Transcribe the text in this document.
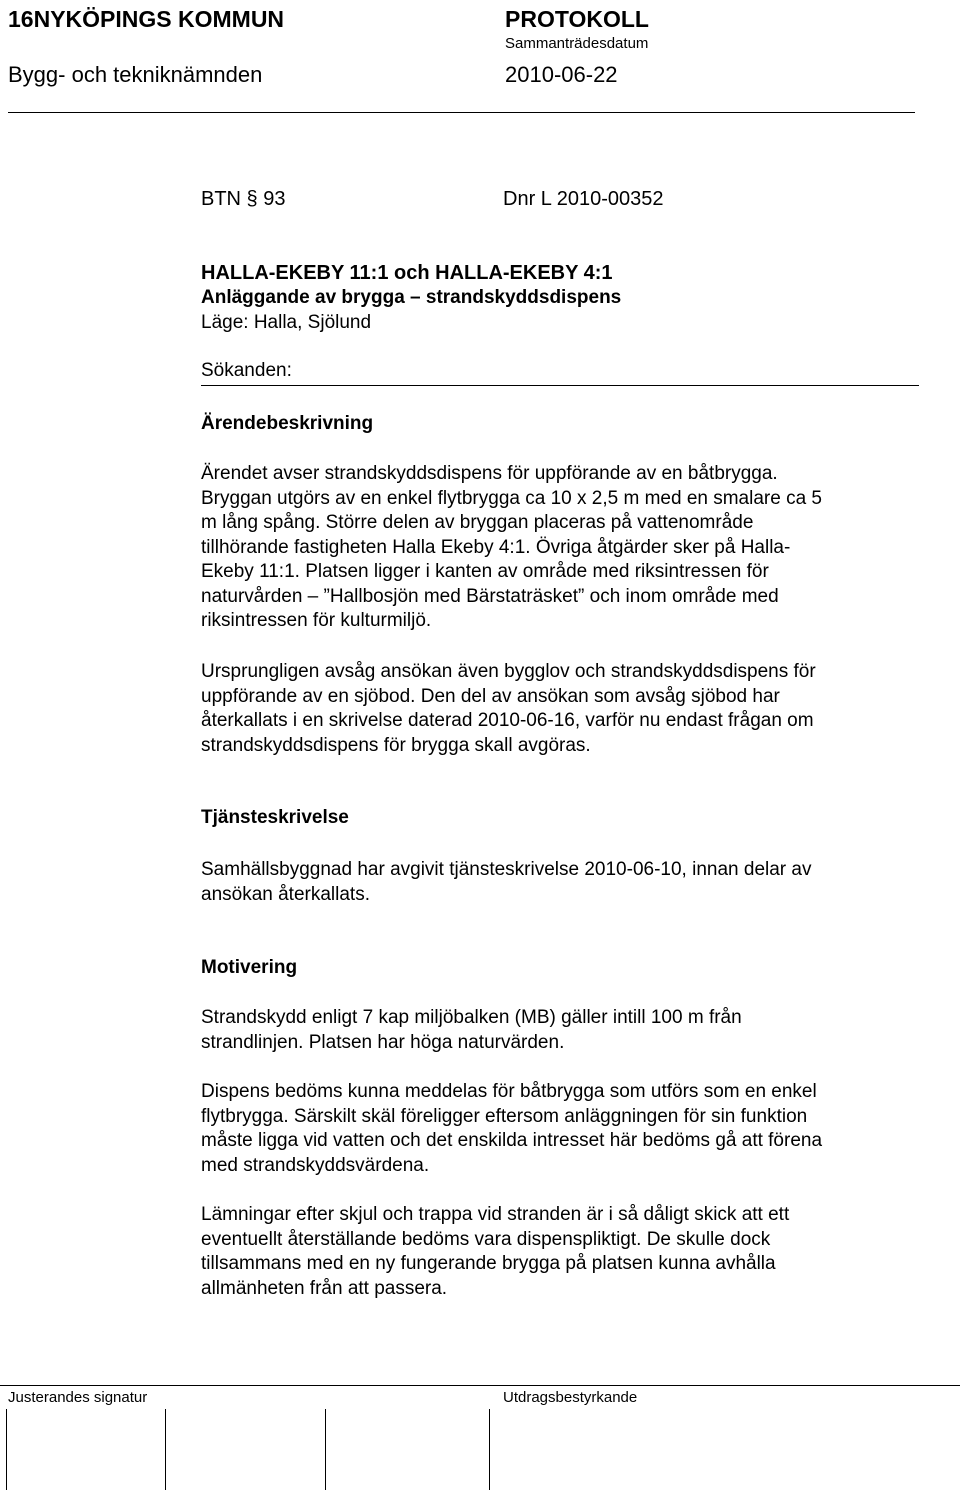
16NYKÖPINGS KOMMUN	PROTOKOLL
Sammanträdesdatum
Bygg- och tekniknämnden	2010-06-22
BTN § 93	Dnr L 2010-00352
HALLA-EKEBY 11:1 och HALLA-EKEBY 4:1
Anläggande av brygga – strandskyddsdispens
Läge: Halla, Sjölund
Sökanden:
Ärendebeskrivning
Ärendet avser strandskyddsdispens för uppförande av en båtbrygga.
Bryggan utgörs av en enkel flytbrygga ca 10 x 2,5 m med en smalare ca 5
m lång spång. Större delen av bryggan placeras på vattenområde
tillhörande fastigheten Halla Ekeby 4:1. Övriga åtgärder sker på Halla-
Ekeby 11:1. Platsen ligger i kanten av område med riksintressen för
naturvården – ”Hallbosjön med Bärstaträsket” och inom område med
riksintressen för kulturmiljö.
Ursprungligen avsåg ansökan även bygglov och strandskyddsdispens för
uppförande av en sjöbod. Den del av ansökan som avsåg sjöbod har
återkallats i en skrivelse daterad 2010-06-16, varför nu endast frågan om
strandskyddsdispens för brygga skall avgöras.
Tjänsteskrivelse
Samhällsbyggnad har avgivit tjänsteskrivelse 2010-06-10, innan delar av
ansökan återkallats.
Motivering
Strandskydd enligt 7 kap miljöbalken (MB) gäller intill 100 m från
strandlinjen. Platsen har höga naturvärden.
Dispens bedöms kunna meddelas för båtbrygga som utförs som en enkel
flytbrygga. Särskilt skäl föreligger eftersom anläggningen för sin funktion
måste ligga vid vatten och det enskilda intresset här bedöms gå att förena
med strandskyddsvärdena.
Lämningar efter skjul och trappa vid stranden är i så dåligt skick att ett
eventuellt återställande bedöms vara dispenspliktigt. De skulle dock
tillsammans med en ny fungerande brygga på platsen kunna avhålla
allmänheten från att passera.
Justerandes signatur	Utdragsbestyrkande
